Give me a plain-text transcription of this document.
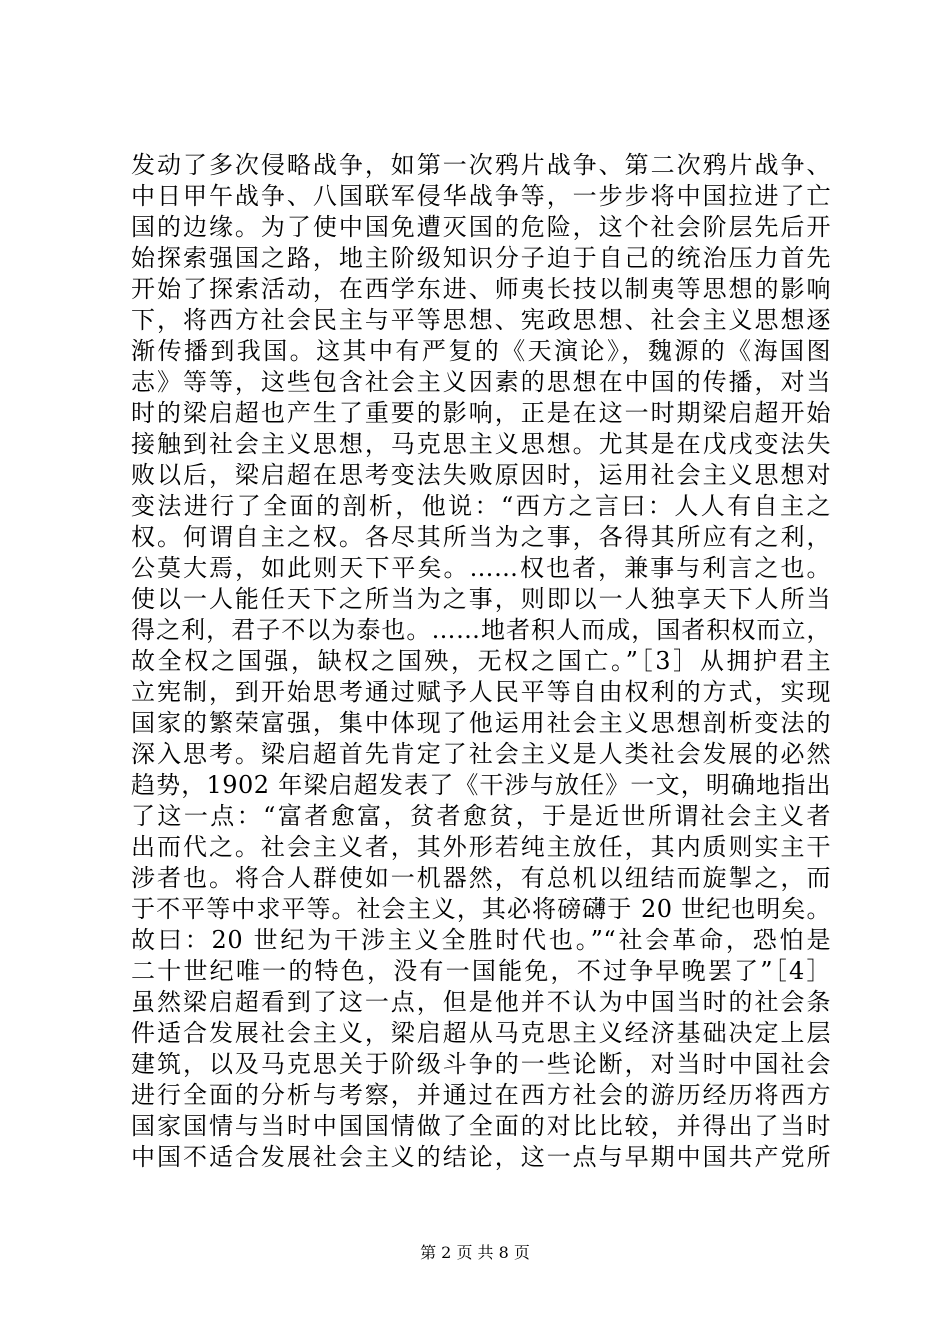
发动了多次侵略战争，如第一次鸦片战争、第二次鸦片战争、
中日甲午战争、八国联军侵华战争等，一步步将中国拉进了亡
国的边缘。为了使中国免遭灭国的危险，这个社会阶层先后开
始探索强国之路，地主阶级知识分子迫于自己的统治压力首先
开始了探索活动，在西学东进、师夷长技以制夷等思想的影响
下，将西方社会民主与平等思想、宪政思想、社会主义思想逐
渐传播到我国。这其中有严复的《天演论》，魏源的《海国图
志》等等，这些包含社会主义因素的思想在中国的传播，对当
时的梁启超也产生了重要的影响，正是在这一时期梁启超开始
接触到社会主义思想，马克思主义思想。尤其是在戊戌变法失
败以后，梁启超在思考变法失败原因时，运用社会主义思想对
变法进行了全面的剖析，他说：“西方之言曰：人人有自主之
权。何谓自主之权。各尽其所当为之事，各得其所应有之利，
公莫大焉，如此则天下平矣。……权也者，兼事与利言之也。
使以一人能任天下之所当为之事，则即以一人独享天下人所当
得之利，君子不以为泰也。……地者积人而成，国者积权而立，
故全权之国强，缺权之国殃，无权之国亡。”［3］从拥护君主
立宪制，到开始思考通过赋予人民平等自由权利的方式，实现
国家的繁荣富强，集中体现了他运用社会主义思想剖析变法的
深入思考。梁启超首先肯定了社会主义是人类社会发展的必然
趋势，1902 年梁启超发表了《干涉与放任》一文，明确地指出
了这一点：“富者愈富，贫者愈贫，于是近世所谓社会主义者
出而代之。社会主义者，其外形若纯主放任，其内质则实主干
涉者也。将合人群使如一机器然，有总机以纽结而旋掣之，而
于不平等中求平等。社会主义，其必将磅礴于 20 世纪也明矣。
故曰：20 世纪为干涉主义全胜时代也。”“社会革命，恐怕是
二十世纪唯一的特色，没有一国能免，不过争早晚罢了”［4］
虽然梁启超看到了这一点，但是他并不认为中国当时的社会条
件适合发展社会主义，梁启超从马克思主义经济基础决定上层
建筑，以及马克思关于阶级斗争的一些论断，对当时中国社会
进行全面的分析与考察，并通过在西方社会的游历经历将西方
国家国情与当时中国国情做了全面的对比比较，并得出了当时
中国不适合发展社会主义的结论，这一点与早期中国共产党所
第 2 页 共 8 页
